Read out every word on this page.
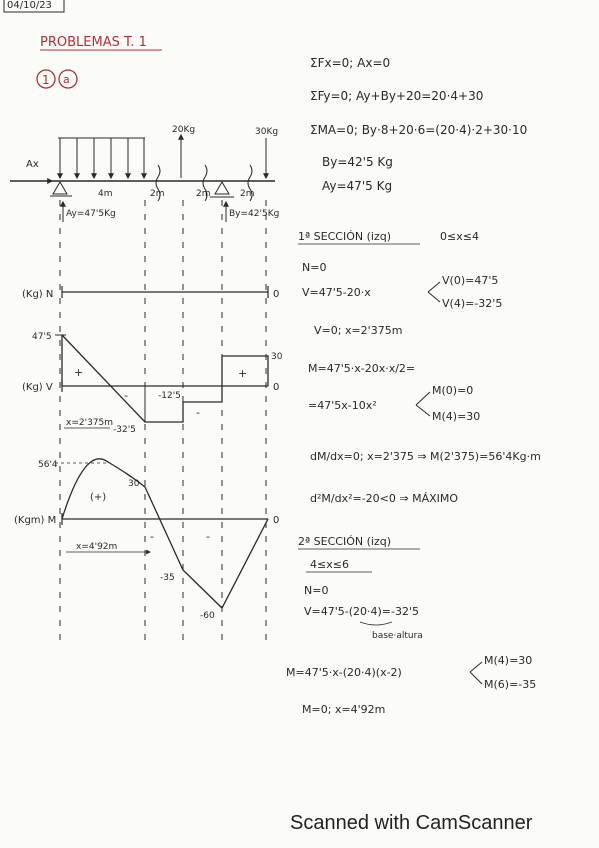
04/10/23
PROBLEMAS T. 1
1 a
ΣFx=0; Ax=0
ΣFy=0; Ay+By+20=20·4+30
ΣMA=0; By·8+20·6=(20·4)·2+30·10
By=42'5 Kg
Ay=47'5 Kg
Ax
Ay=47'5Kg
20Kg	30Kg
By=42'5Kg
4m	2m	2m	2m
(Kg) N	0
47'5
+
-
-
-12'5
-32'5
x=2'375m
30
+
0
(Kg) V
56'4
30
(+)
-	-
-35
-60
x=4'92m
0
(Kgm) M
1ª SECCIÓN (izq)	0≤x≤4
N=0
V=47'5-20·x
V(0)=47'5
V(4)=-32'5
V=0; x=2'375m
M=47'5·x-20x·x/2=
=47'5x-10x²
M(0)=0
M(4)=30
dM/dx=0; x=2'375 ⇒ M(2'375)=56'4Kg·m
d²M/dx²=-20<0 ⇒ MÁXIMO
2ª SECCIÓN (izq)
4≤x≤6
N=0
V=47'5-(20·4)=-32'5
base·altura
M=47'5·x-(20·4)(x-2)
M(4)=30
M(6)=-35
M=0; x=4'92m
Scanned with CamScanner
